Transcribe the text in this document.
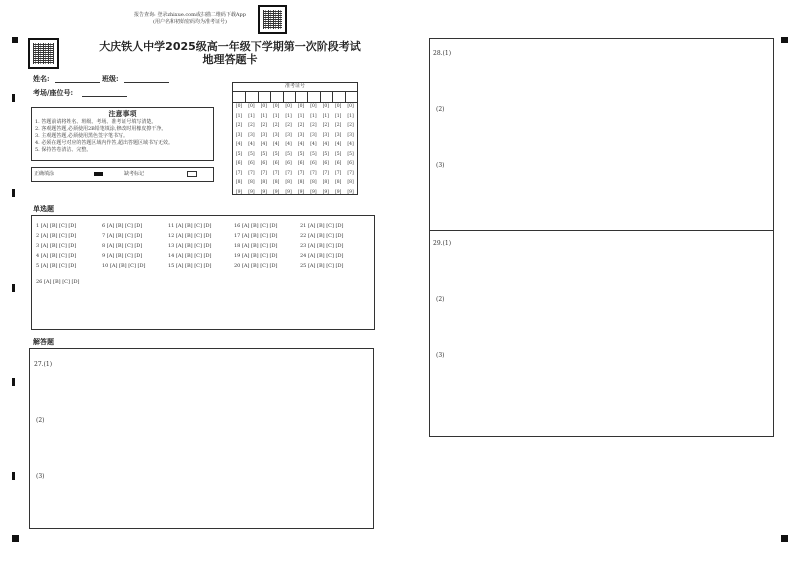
报告查询: 登录zhixue.com或扫描二维码下载App
(用户名和初始密码均为准考证号)
大庆铁人中学2025级高一年级下学期第一次阶段考试
地理答题卡
姓名:	班级:
考场/座位号:
准考证号
[0]
[1]
[2]
[3]
[4]
[5]
[6]
[7]
[8]
[9]
[0]
[1]
[2]
[3]
[4]
[5]
[6]
[7]
[8]
[9]
[0]
[1]
[2]
[3]
[4]
[5]
[6]
[7]
[8]
[9]
[0]
[1]
[2]
[3]
[4]
[5]
[6]
[7]
[8]
[9]
[0]
[1]
[2]
[3]
[4]
[5]
[6]
[7]
[8]
[9]
[0]
[1]
[2]
[3]
[4]
[5]
[6]
[7]
[8]
[9]
[0]
[1]
[2]
[3]
[4]
[5]
[6]
[7]
[8]
[9]
[0]
[1]
[2]
[3]
[4]
[5]
[6]
[7]
[8]
[9]
[0]
[1]
[2]
[3]
[4]
[5]
[6]
[7]
[8]
[9]
[0]
[1]
[2]
[3]
[4]
[5]
[6]
[7]
[8]
[9]
注意事项
1. 答题前请将姓名、班级、考场、准考证号填写清楚。
2. 客观题答题,必须使用2B铅笔填涂,修改时用橡皮擦干净。
3. 主观题答题,必须使用黑色签字笔书写。
4. 必须在题号对应的答题区域内作答,超出答题区域书写无效。
5. 保持答卷清洁、完整。
正确填涂	缺考标记
单选题
1 [A] [B] [C] [D]
2 [A] [B] [C] [D]
3 [A] [B] [C] [D]
4 [A] [B] [C] [D]
5 [A] [B] [C] [D]
6 [A] [B] [C] [D]
7 [A] [B] [C] [D]
8 [A] [B] [C] [D]
9 [A] [B] [C] [D]
10 [A] [B] [C] [D]
11 [A] [B] [C] [D]
12 [A] [B] [C] [D]
13 [A] [B] [C] [D]
14 [A] [B] [C] [D]
15 [A] [B] [C] [D]
16 [A] [B] [C] [D]
17 [A] [B] [C] [D]
18 [A] [B] [C] [D]
19 [A] [B] [C] [D]
20 [A] [B] [C] [D]
21 [A] [B] [C] [D]
22 [A] [B] [C] [D]
23 [A] [B] [C] [D]
24 [A] [B] [C] [D]
25 [A] [B] [C] [D]
26 [A] [B] [C] [D]
解答题
27.(1)
(2)
(3)
28.(1)
(2)
(3)
29.(1)
(2)
(3)
